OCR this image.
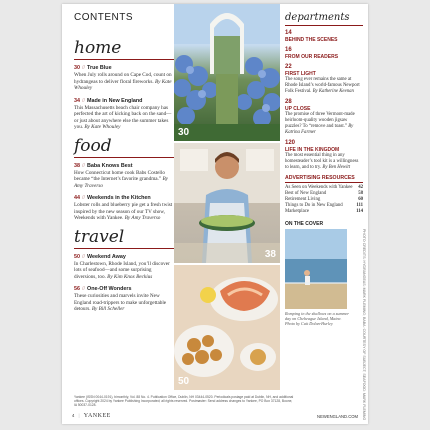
CONTENTS
home
30 // True Blue
When July rolls around on Cape Cod, count on hydrangeas to deliver floral fireworks. By Kate Whouley
34 // Made in New England
This Massachusetts beach chair company has perfected the art of kicking back on the sand—or just about anywhere else the summer takes you. By Kate Whouley
food
38 // Baba Knows Best
How Connecticut home cook Babs Costello became “the Internet’s favorite grandma.” By Amy Traverso
44 // Weekends in the Kitchen
Lobster rolls and blueberry pie get a fresh twist inspired by the new season of our TV show, Weekends with Yankee. By Amy Traverso
travel
50 // Weekend Away
In Charlestown, Rhode Island, you’ll discover lots of seafood—and some surprising diversions, too. By Kim Knox Beckius
56 // One-Off Wonders
These curiosities and marvels invite New England road-trippers to make unforgettable detours. By Bill Scheller
30
38
50
departments
14
BEHIND THE SCENES
16
FROM OUR READERS
22
FIRST LIGHT
The song ever remains the same at Rhode Island’s world-famous Newport Folk Festival. By Katherine Keenan
28
UP CLOSE
The promise of three Vermont-made heirloom-quality wooden jigsaw puzzles? To “remove and toast.” By Katrina Farmer
120
LIFE IN THE KINGDOM
The most essential thing in any homesteader’s tool kit is a willingness to learn, and to try. By Ben Hewitt
ADVERTISING RESOURCES
As Seen on Weekends with Yankee 42
Best of New England	58
Retirement Living	60
Things to Do in New England	111
Marketplace	114
ON THE COVER
Romping in the shallows on a summer day on Chebeague Island, Maine. Photo by Cait Dolan-Hurley	PHOTO CREDITS: HYDRANGEAS: MARK FLEMING; BABA: COURTESY OF SUBJECT; SEAFOOD: MARK FLEMING
Yankee (ISSN 0044-0191), bimonthly, Vol. 88 No. 4. Publication Office, Dublin, NH 03444-0520. Periodicals postage paid at Dublin, NH, and additional offices. Copyright 2024 by Yankee Publishing Incorporated; all rights reserved. Postmaster: Send address changes to Yankee, PO Box 37128, Boone, IA 50037-0128.
4 | YANKEE	NEWENGLAND.COM
